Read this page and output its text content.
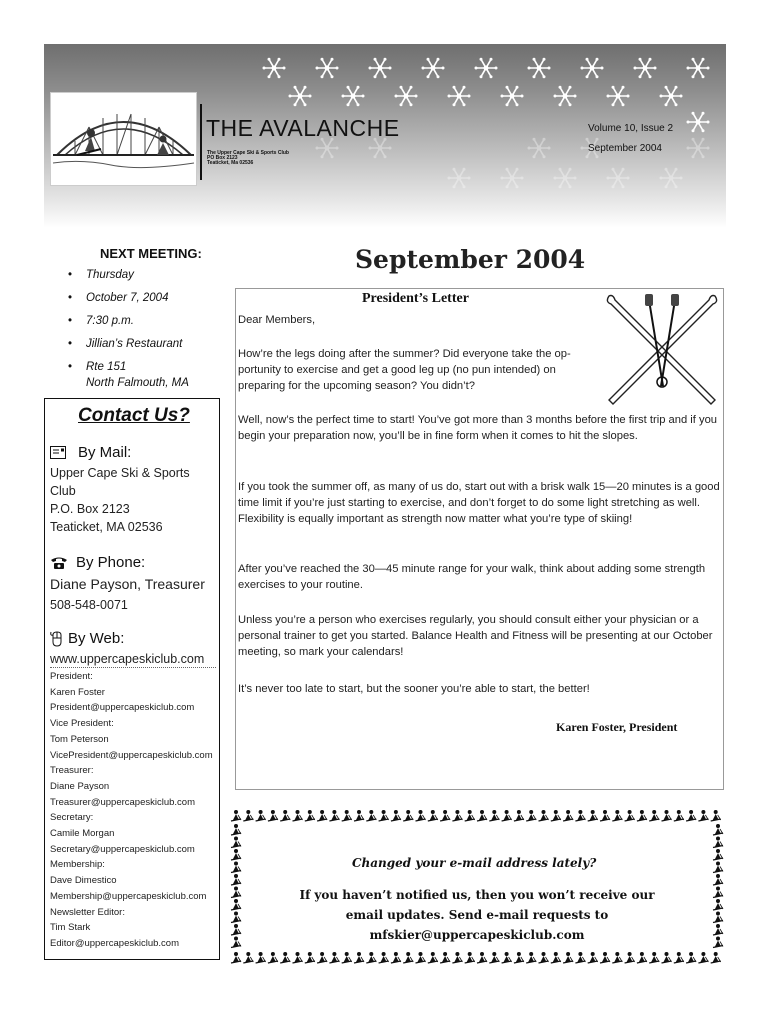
THE AVALANCHE
The Upper Cape Ski & Sports Club
PO Box 2123
Teaticket, Ma 02536
Volume 10, Issue 2
September 2004
NEXT MEETING:
• Thursday
• October 7, 2004
• 7:30 p.m.
• Jillian’s Restaurant
• Rte 151
North Falmouth, MA
Contact Us?
By Mail:
Upper Cape Ski & Sports
Club
P.O. Box 2123
Teaticket, MA 02536
By Phone:
Diane Payson, Treasurer
508-548-0071
By Web:
www.uppercapeskiclub.com
President:
Karen Foster
President@uppercapeskiclub.com
Vice President:
Tom Peterson
VicePresident@uppercapeskiclub.com
Treasurer:
Diane Payson
Treasurer@uppercapeskiclub.com
Secretary:
Camile Morgan
Secretary@uppercapeskiclub.com
Membership:
Dave Dimestico
Membership@uppercapeskiclub.com
Newsletter Editor:
Tim Stark
Editor@uppercapeskiclub.com
September 2004
President’s Letter
Dear Members,
How’re the legs doing after the summer? Did everyone take the op-portunity to exercise and get a good leg up (no pun intended) on preparing for the upcoming season? You didn’t?
Well, now’s the perfect time to start! You’ve got more than 3 months before the first trip and if you begin your preparation now, you’ll be in fine form when it comes to hit the slopes.
If you took the summer off, as many of us do, start out with a brisk walk 15—20 minutes is a good time limit if you’re just starting to exercise, and don’t forget to do some light stretching as well. Flexibility is equally important as strength now matter what you’re type of skiing!
After you’ve reached the 30—45 minute range for your walk, think about adding some strength exercises to your routine.
Unless you’re a person who exercises regularly, you should consult either your physician or a personal trainer to get you started. Balance Health and Fitness will be presenting at our October meeting, so mark your calendars!
It’s never too late to start, but the sooner you’re able to start, the better!
Karen Foster, President
Changed your e-mail address lately?
If you haven’t notified us, then you won’t receive our
email updates. Send e-mail requests to
mfskier@uppercapeskiclub.com
